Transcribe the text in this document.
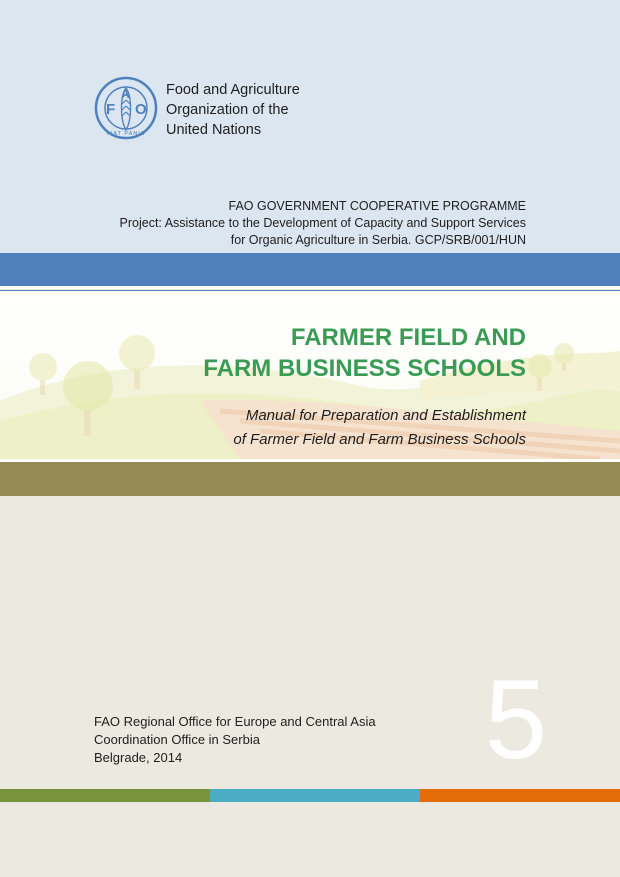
F
A
O
FIAT PANIS
Food and Agriculture
Organization of the
United Nations
FAO GOVERNMENT COOPERATIVE PROGRAMME
Project: Assistance to the Development of Capacity and Support Services
for Organic Agriculture in Serbia. GCP/SRB/001/HUN
FARMER FIELD AND
FARM BUSINESS SCHOOLS
Manual for Preparation and Establishment
of Farmer Field and Farm Business Schools
FAO Regional Office for Europe and Central Asia
Coordination Office in Serbia
Belgrade, 2014	5
